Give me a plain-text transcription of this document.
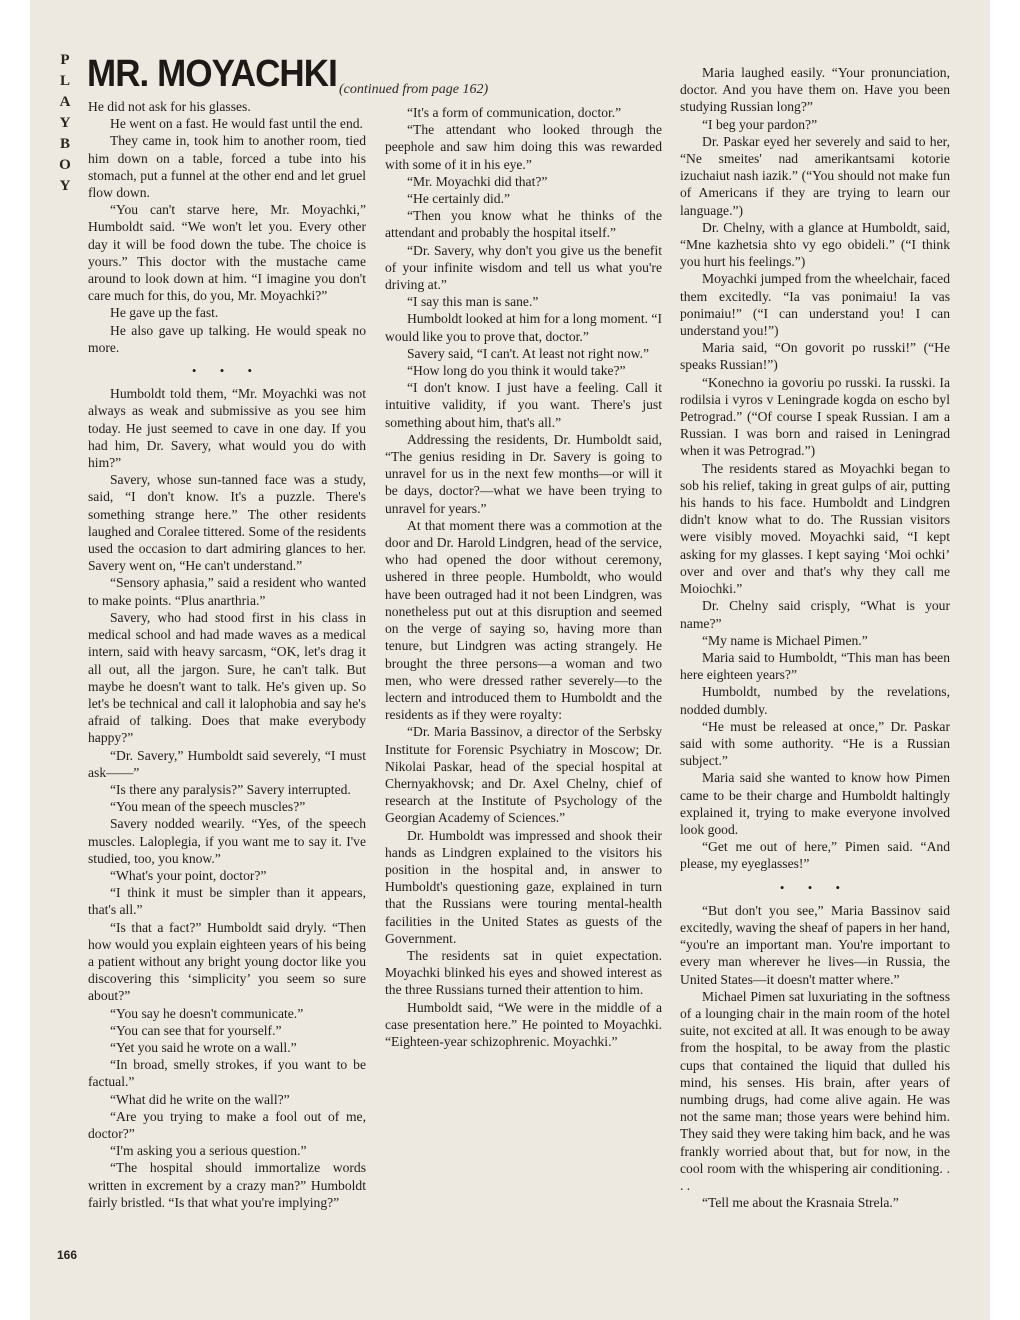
P
L
A
Y
B
O
Y
MR. MOYACHKI (continued from page 162)

He did not ask for his glasses.

He went on a fast. He would fast until the end.

They came in, took him to another room, tied him down on a table, forced a tube into his stomach, put a funnel at the other end and let gruel flow down.

“You can't starve here, Mr. Moyachki,” Humboldt said. “We won't let you. Every other day it will be food down the tube. The choice is yours.” This doctor with the mustache came around to look down at him. “I imagine you don't care much for this, do you, Mr. Moyachki?”

He gave up the fast.

He also gave up talking. He would speak no more.

• • •

Humboldt told them, “Mr. Moyachki was not always as weak and submissive as you see him today. He just seemed to cave in one day. If you had him, Dr. Savery, what would you do with him?”

Savery, whose sun-tanned face was a study, said, “I don't know. It's a puzzle. There's something strange here.” The other residents laughed and Coralee tittered. Some of the residents used the occasion to dart admiring glances to her. Savery went on, “He can't understand.”

“Sensory aphasia,” said a resident who wanted to make points. “Plus anarthria.”

Savery, who had stood first in his class in medical school and had made waves as a medical intern, said with heavy sarcasm, “OK, let's drag it all out, all the jargon. Sure, he can't talk. But maybe he doesn't want to talk. He's given up. So let's be technical and call it lalophobia and say he's afraid of talking. Does that make everybody happy?”

“Dr. Savery,” Humboldt said severely, “I must ask——”

“Is there any paralysis?” Savery interrupted.

“You mean of the speech muscles?”

Savery nodded wearily. “Yes, of the speech muscles. Laloplegia, if you want me to say it. I've studied, too, you know.”

“What's your point, doctor?”

“I think it must be simpler than it appears, that's all.”

“Is that a fact?” Humboldt said dryly. “Then how would you explain eighteen years of his being a patient without any bright young doctor like you discovering this ‘simplicity’ you seem so sure about?”

“You say he doesn't communicate.”

“You can see that for yourself.”

“Yet you said he wrote on a wall.”

“In broad, smelly strokes, if you want to be factual.”

“What did he write on the wall?”

“Are you trying to make a fool out of me, doctor?”

“I'm asking you a serious question.”

“The hospital should immortalize words written in excrement by a crazy man?” Humboldt fairly bristled. “Is that what you're implying?”

“It's a form of communication, doctor.”

“The attendant who looked through the peephole and saw him doing this was rewarded with some of it in his eye.”

“Mr. Moyachki did that?”

“He certainly did.”

“Then you know what he thinks of the attendant and probably the hospital itself.”

“Dr. Savery, why don't you give us the benefit of your infinite wisdom and tell us what you're driving at.”

“I say this man is sane.”

Humboldt looked at him for a long moment. “I would like you to prove that, doctor.”

Savery said, “I can't. At least not right now.”

“How long do you think it would take?”

“I don't know. I just have a feeling. Call it intuitive validity, if you want. There's just something about him, that's all.”

Addressing the residents, Dr. Humboldt said, “The genius residing in Dr. Savery is going to unravel for us in the next few months—or will it be days, doctor?—what we have been trying to unravel for years.”

At that moment there was a commotion at the door and Dr. Harold Lindgren, head of the service, who had opened the door without ceremony, ushered in three people. Humboldt, who would have been outraged had it not been Lindgren, was nonetheless put out at this disruption and seemed on the verge of saying so, having more than tenure, but Lindgren was acting strangely. He brought the three persons—a woman and two men, who were dressed rather severely—to the lectern and introduced them to Humboldt and the residents as if they were royalty:

“Dr. Maria Bassinov, a director of the Serbsky Institute for Forensic Psychiatry in Moscow; Dr. Nikolai Paskar, head of the special hospital at Chernyakhovsk; and Dr. Axel Chelny, chief of research at the Institute of Psychology of the Georgian Academy of Sciences.”

Dr. Humboldt was impressed and shook their hands as Lindgren explained to the visitors his position in the hospital and, in answer to Humboldt's questioning gaze, explained in turn that the Russians were touring mental-health facilities in the United States as guests of the Government.

The residents sat in quiet expectation. Moyachki blinked his eyes and showed interest as the three Russians turned their attention to him.

Humboldt said, “We were in the middle of a case presentation here.” He pointed to Moyachki. “Eighteen-year schizophrenic. Moyachki.”

Maria laughed easily. “Your pronunciation, doctor. And you have them on. Have you been studying Russian long?”

“I beg your pardon?”

Dr. Paskar eyed her severely and said to her, “Ne smeites' nad amerikantsami kotorie izuchaiut nash iazik.” (“You should not make fun of Americans if they are trying to learn our language.”)

Dr. Chelny, with a glance at Humboldt, said, “Mne kazhetsia shto vy ego obideli.” (“I think you hurt his feelings.”)

Moyachki jumped from the wheelchair, faced them excitedly. “Ia vas ponimaiu! Ia vas ponimaiu!” (“I can understand you! I can understand you!”)

Maria said, “On govorit po russki!” (“He speaks Russian!”)

“Konechno ia govoriu po russki. Ia russki. Ia rodilsia i vyros v Leningrade kogda on escho byl Petrograd.” (“Of course I speak Russian. I am a Russian. I was born and raised in Leningrad when it was Petrograd.”)

The residents stared as Moyachki began to sob his relief, taking in great gulps of air, putting his hands to his face. Humboldt and Lindgren didn't know what to do. The Russian visitors were visibly moved. Moyachki said, “I kept asking for my glasses. I kept saying ‘Moi ochki’ over and over and that's why they call me Moiochki.”

Dr. Chelny said crisply, “What is your name?”

“My name is Michael Pimen.”

Maria said to Humboldt, “This man has been here eighteen years?”

Humboldt, numbed by the revelations, nodded dumbly.

“He must be released at once,” Dr. Paskar said with some authority. “He is a Russian subject.”

Maria said she wanted to know how Pimen came to be their charge and Humboldt haltingly explained it, trying to make everyone involved look good.

“Get me out of here,” Pimen said. “And please, my eyeglasses!”

• • •

“But don't you see,” Maria Bassinov said excitedly, waving the sheaf of papers in her hand, “you're an important man. You're important to every man wherever he lives—in Russia, the United States—it doesn't matter where.”

Michael Pimen sat luxuriating in the softness of a lounging chair in the main room of the hotel suite, not excited at all. It was enough to be away from the hospital, to be away from the plastic cups that contained the liquid that dulled his mind, his senses. His brain, after years of numbing drugs, had come alive again. He was not the same man; those years were behind him. They said they were taking him back, and he was frankly worried about that, but for now, in the cool room with the whispering air conditioning. . . .

“Tell me about the Krasnaia Strela.”

166
